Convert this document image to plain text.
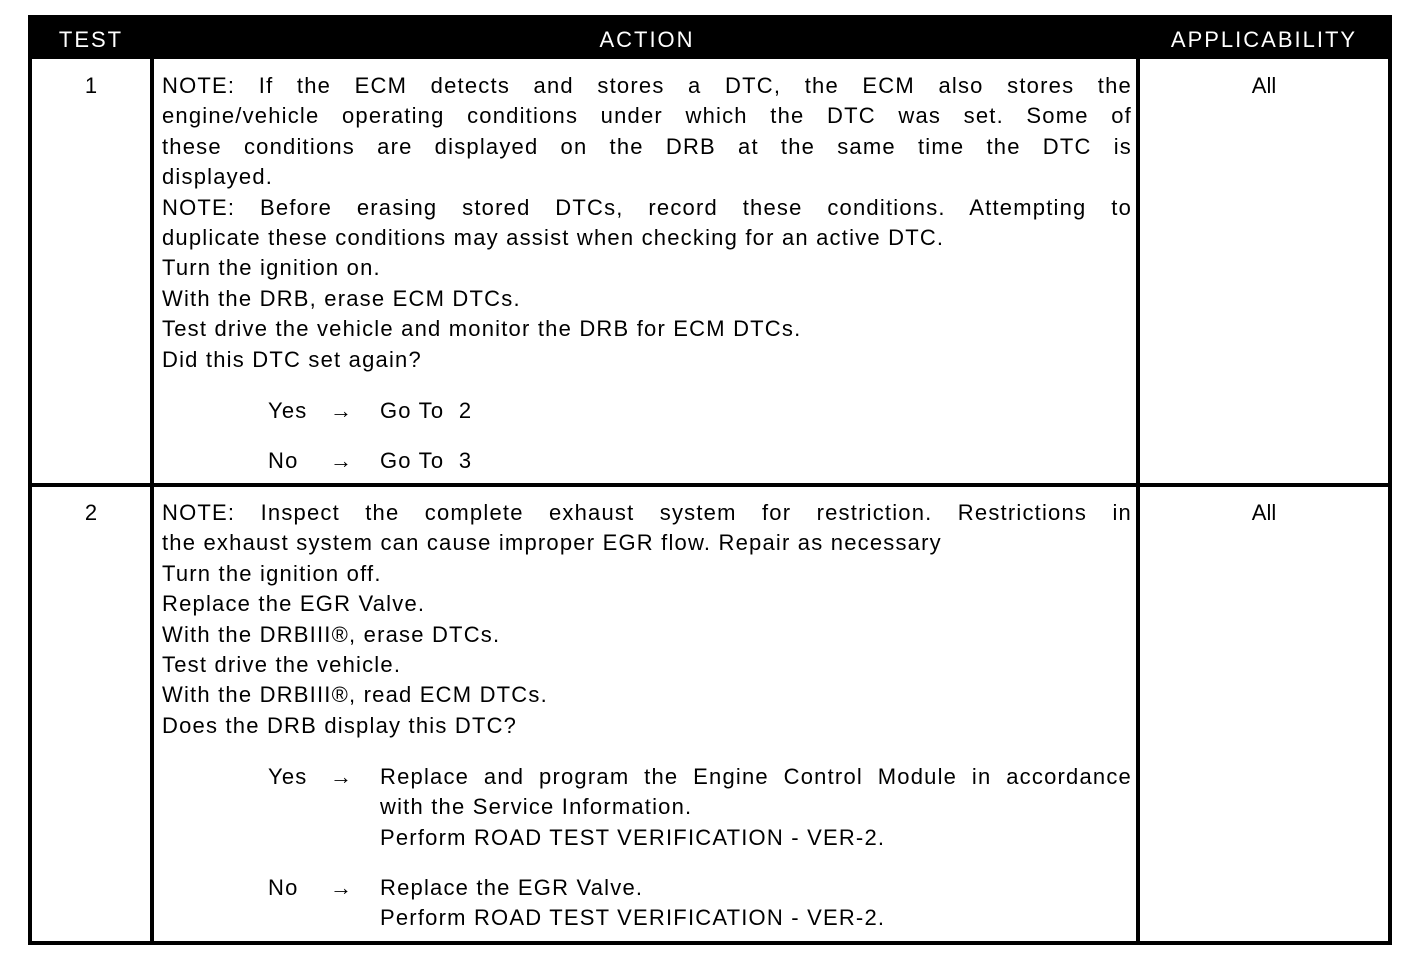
TEST	ACTION	APPLICABILITY
1	NOTE: If the ECM detects and stores a DTC, the ECM also stores the
engine/vehicle operating conditions under which the DTC was set. Some of
these conditions are displayed on the DRB at the same time the DTC is
displayed.
NOTE: Before erasing stored DTCs, record these conditions. Attempting to
duplicate these conditions may assist when checking for an active DTC.
Turn the ignition on.
With the DRB, erase ECM DTCs.
Test drive the vehicle and monitor the DRB for ECM DTCs.
Did this DTC set again?
Yes → Go To  2
No → Go To  3
All
2	NOTE: Inspect the complete exhaust system for restriction. Restrictions in
the exhaust system can cause improper EGR flow. Repair as necessary
Turn the ignition off.
Replace the EGR Valve.
With the DRBIII®, erase DTCs.
Test drive the vehicle.
With the DRBIII®, read ECM DTCs.
Does the DRB display this DTC?
Yes → Replace and program the Engine Control Module in accordance
with the Service Information.
Perform ROAD TEST VERIFICATION - VER-2.
No → Replace the EGR Valve.
Perform ROAD TEST VERIFICATION - VER-2.
All
